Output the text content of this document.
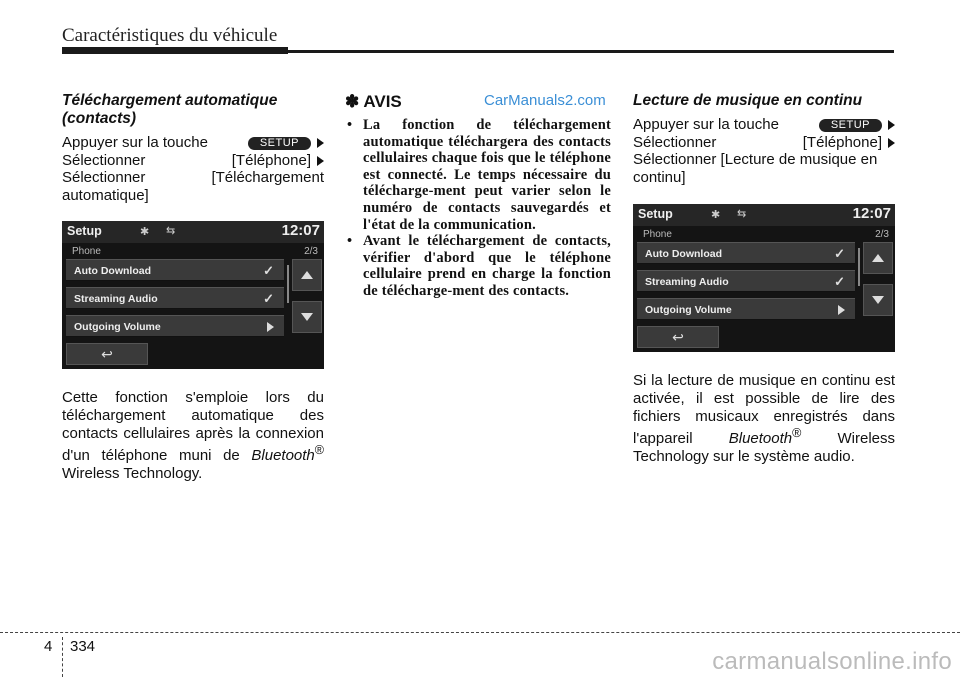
Caractéristiques du véhicule
CarManuals2.com
Téléchargement automatique (contacts)
Appuyer sur la touche	SETUP
Sélectionner	[Téléphone]
Sélectionner	[Téléchargement

automatique]

Setup	✱ ⇆	12:07
Phone	2/3
Auto Download	✓
Streaming Audio	✓
Outgoing Volume
↩

Cette fonction s'emploie lors du téléchargement automatique des contacts cellulaires après la connexion d'un téléphone muni de Bluetooth® Wireless Technology.

✽ AVIS
• La fonction de téléchargement automatique téléchargera des contacts cellulaires chaque fois que le téléphone est connecté. Le temps nécessaire du télécharge-ment peut varier selon le numéro de contacts sauvegardés et l'état de la communication.
• Avant le téléchargement de contacts, vérifier d'abord que le téléphone cellulaire prend en charge la fonction de télécharge-ment des contacts.
Lecture de musique en continu
Appuyer sur la touche	SETUP
Sélectionner	[Téléphone]

Sélectionner [Lecture de musique en continu]

Setup	✱ ⇆	12:07
Phone	2/3
Auto Download	✓
Streaming Audio	✓
Outgoing Volume
↩

Si la lecture de musique en continu est activée, il est possible de lire des fichiers musicaux enregistrés dans l'appareil Bluetooth® Wireless Technology sur le système audio.

4 334
carmanualsonline.info
